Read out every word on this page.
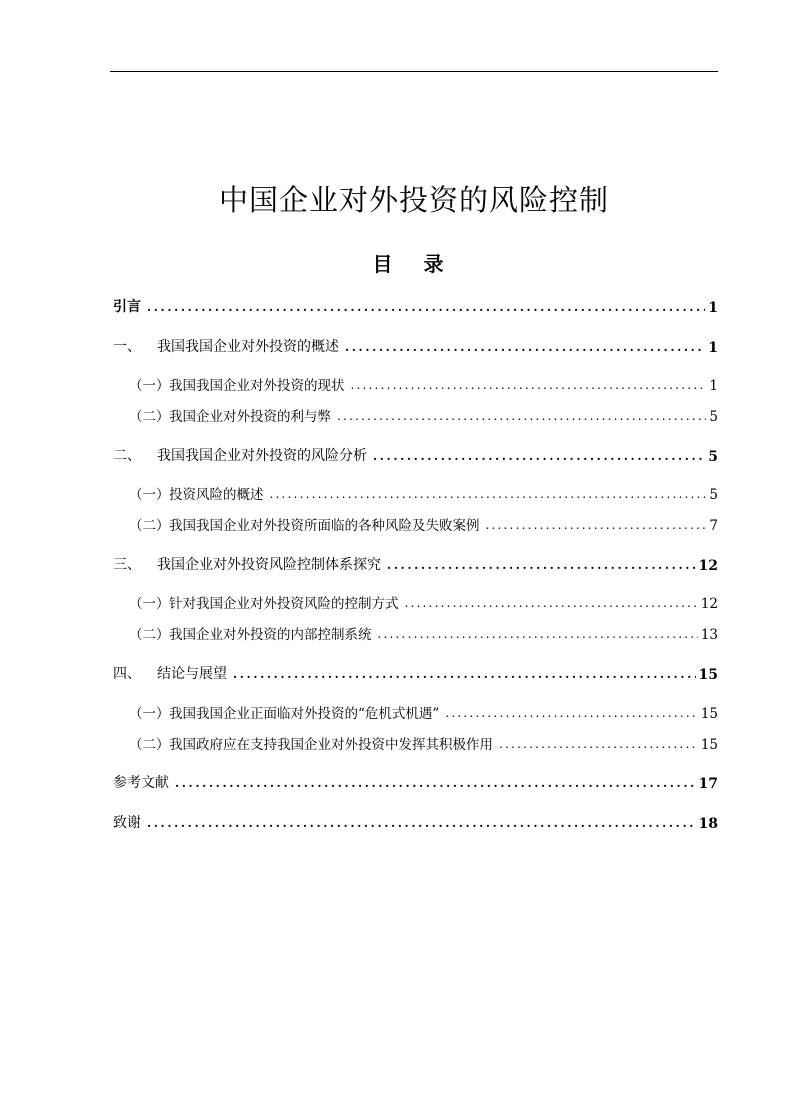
中国企业对外投资的风险控制
目 录
引言 .....	1
一、	我国我国企业对外投资的概述 .....	1
（一） 我国我国企业对外投资的现状 .....	1
（二） 我国企业对外投资的利与弊 .....	5
二、	我国我国企业对外投资的风险分析 .....	5
（一） 投资风险的概述 .....	5
（二） 我国我国企业对外投资所面临的各种风险及失败案例 .....	7
三、	我国企业对外投资风险控制体系探究 .....	12
（一） 针对我国企业对外投资风险的控制方式 .....	12
（二） 我国企业对外投资的内部控制系统 .....	13
四、	结论与展望 .....	15
（一） 我国我国企业正面临对外投资的“危机式机遇” .....	15
（二） 我国政府应在支持我国企业对外投资中发挥其积极作用 .....	15
参考文献 .....	17
致谢 .....	18
